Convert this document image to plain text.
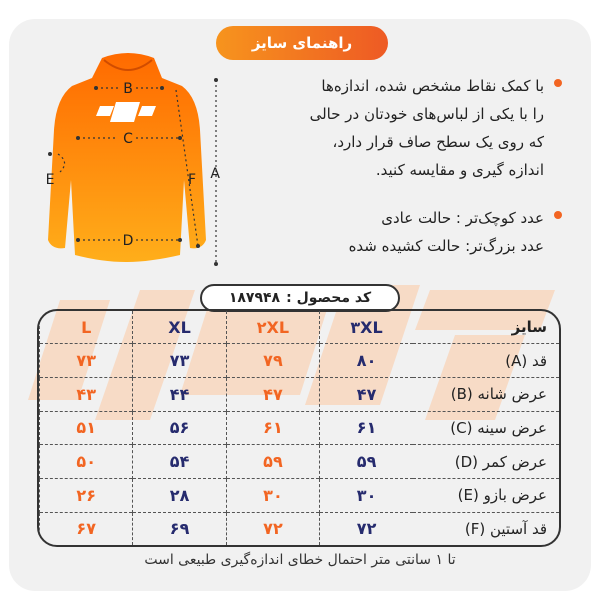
راهنمای سایز
B
C
D
E	F A

با کمک نقاط مشخص شده، اندازه‌ها

را با یکی از لباس‌های خودتان در حالی

که روی یک سطح صاف قرار دارد،

اندازه گیری و مقایسه کنید.

عدد کوچک‌تر : حالت عادی

عدد بزرگ‌تر: حالت کشیده شده

کد محصول :
۱۸۷۹۴۸
سایز	۳XL	۲XL	XL	L
قد (A)	۸۰	۷۹	۷۳	۷۳
عرض شانه (B)	۴۷	۴۷	۴۴	۴۳
عرض سینه (C)	۶۱	۶۱	۵۶	۵۱
عرض کمر (D)	۵۹	۵۹	۵۴	۵۰
عرض بازو (E)	۳۰	۳۰	۲۸	۲۶
قد آستین (F)	۷۲	۷۲	۶۹	۶۷
تا ۱ سانتی متر احتمال خطای اندازه‌گیری طبیعی است
